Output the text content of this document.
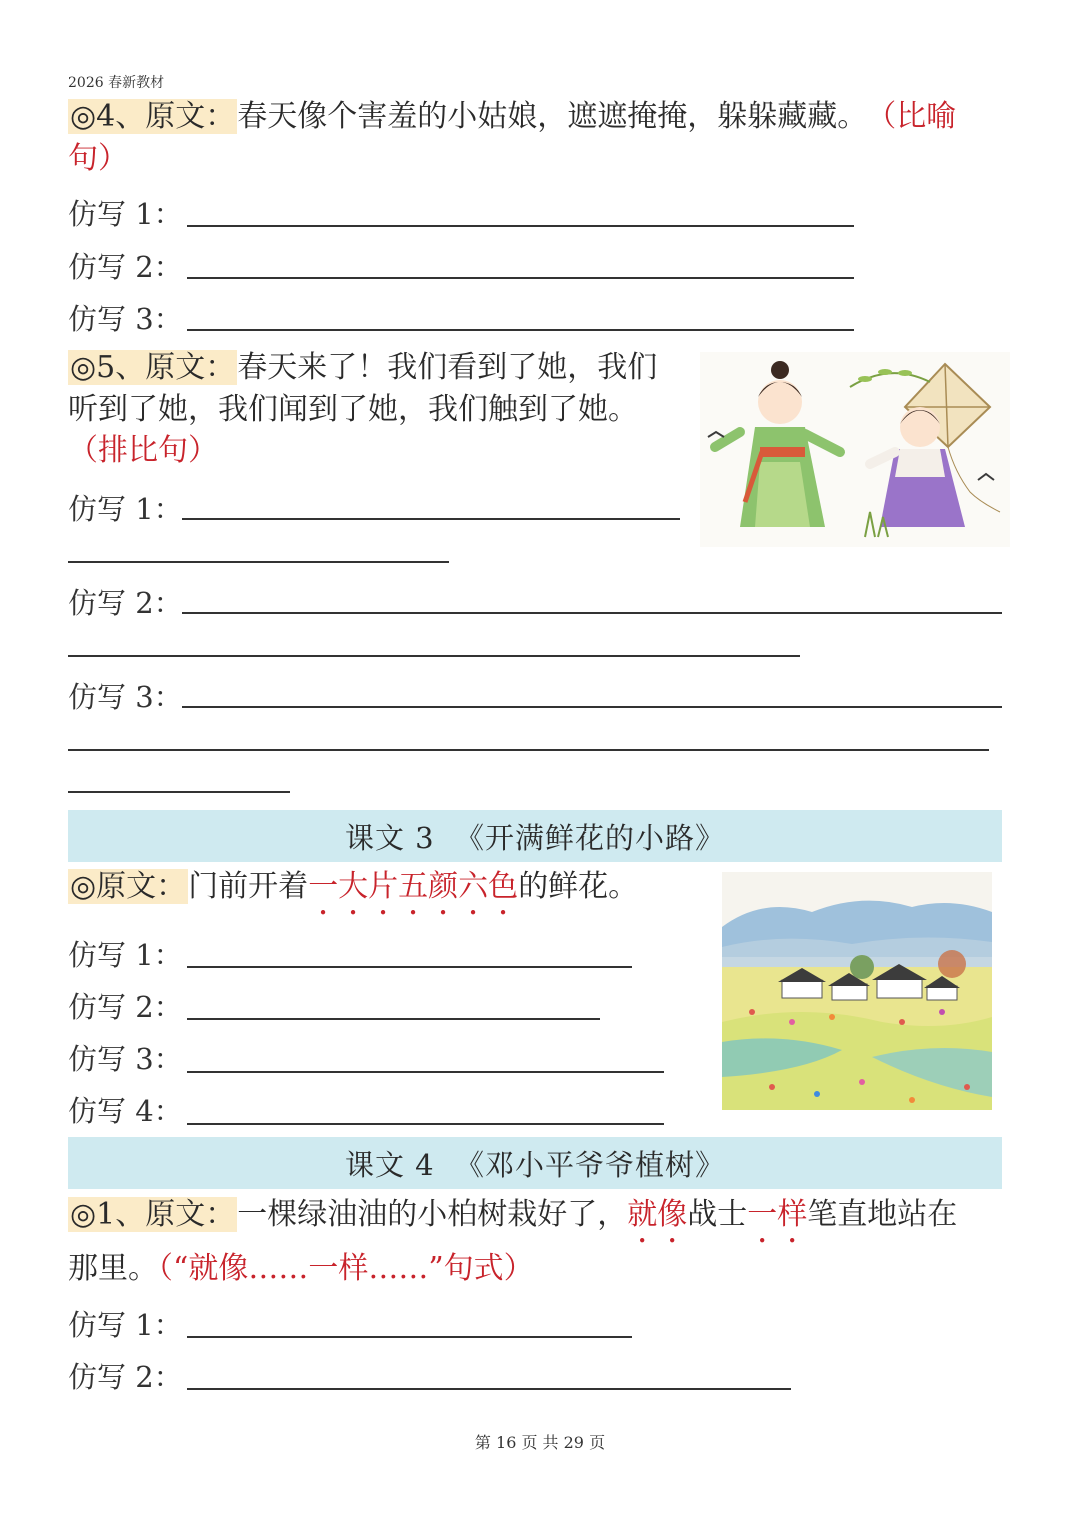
2026 春新教材
◎4、原文：春天像个害羞的小姑娘，遮遮掩掩，躲躲藏藏。 （比喻
句）
仿写 1：
仿写 2：
仿写 3：
◎5、原文：春天来了！我们看到了她，我们
听到了她，我们闻到了她，我们触到了她。
（排比句）
仿写 1：
仿写 2：
仿写 3：
课文 3  《开满鲜花的小路》
◎原文：门前开着一大片五颜六色的鲜花。
仿写 1：
仿写 2：
仿写 3：
仿写 4：
课文 4  《邓小平爷爷植树》
◎1、原文：一棵绿油油的小柏树栽好了，就像战士一样笔直地站在
那里。（“就像……一样……”句式）
仿写 1：
仿写 2：
第 16 页 共 29 页
